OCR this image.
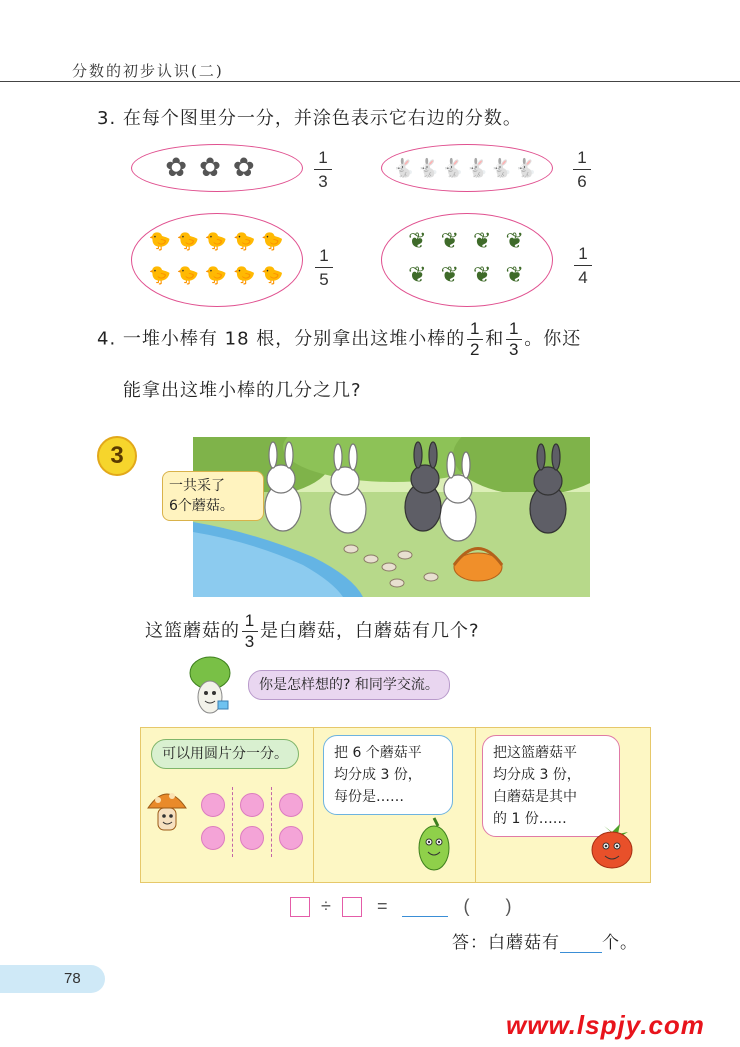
分数的初步认识(二)
3. 在每个图里分一分，并涂色表示它右边的分数。
✿ ✿ ✿	1
3
🐇 🐇 🐇 🐇 🐇 🐇 1
6
🐤 🐤 🐤 🐤 🐤
🐤 🐤 🐤 🐤 🐤
1
5
❦ ❦ ❦ ❦
❦ ❦ ❦ ❦
1
4
4. 一堆小棒有 18 根，分别拿出这堆小棒的 $\frac{1}{2}$ 和 $\frac{1}{3}$ 。你还
能拿出这堆小棒的几分之几?
3
一共采了
6个蘑菇。
这篮蘑菇的 $\frac{1}{3}$ 是白蘑菇，白蘑菇有几个?
你是怎样想的? 和同学交流。
可以用圆片分一分。	把 6 个蘑菇平
均分成 3 份，
每份是……
把这篮蘑菇平
均分成 3 份，
白蘑菇是其中
的 1 份……
÷	=	( )
答：白蘑菇有 个。
78
www.lspjy.com
